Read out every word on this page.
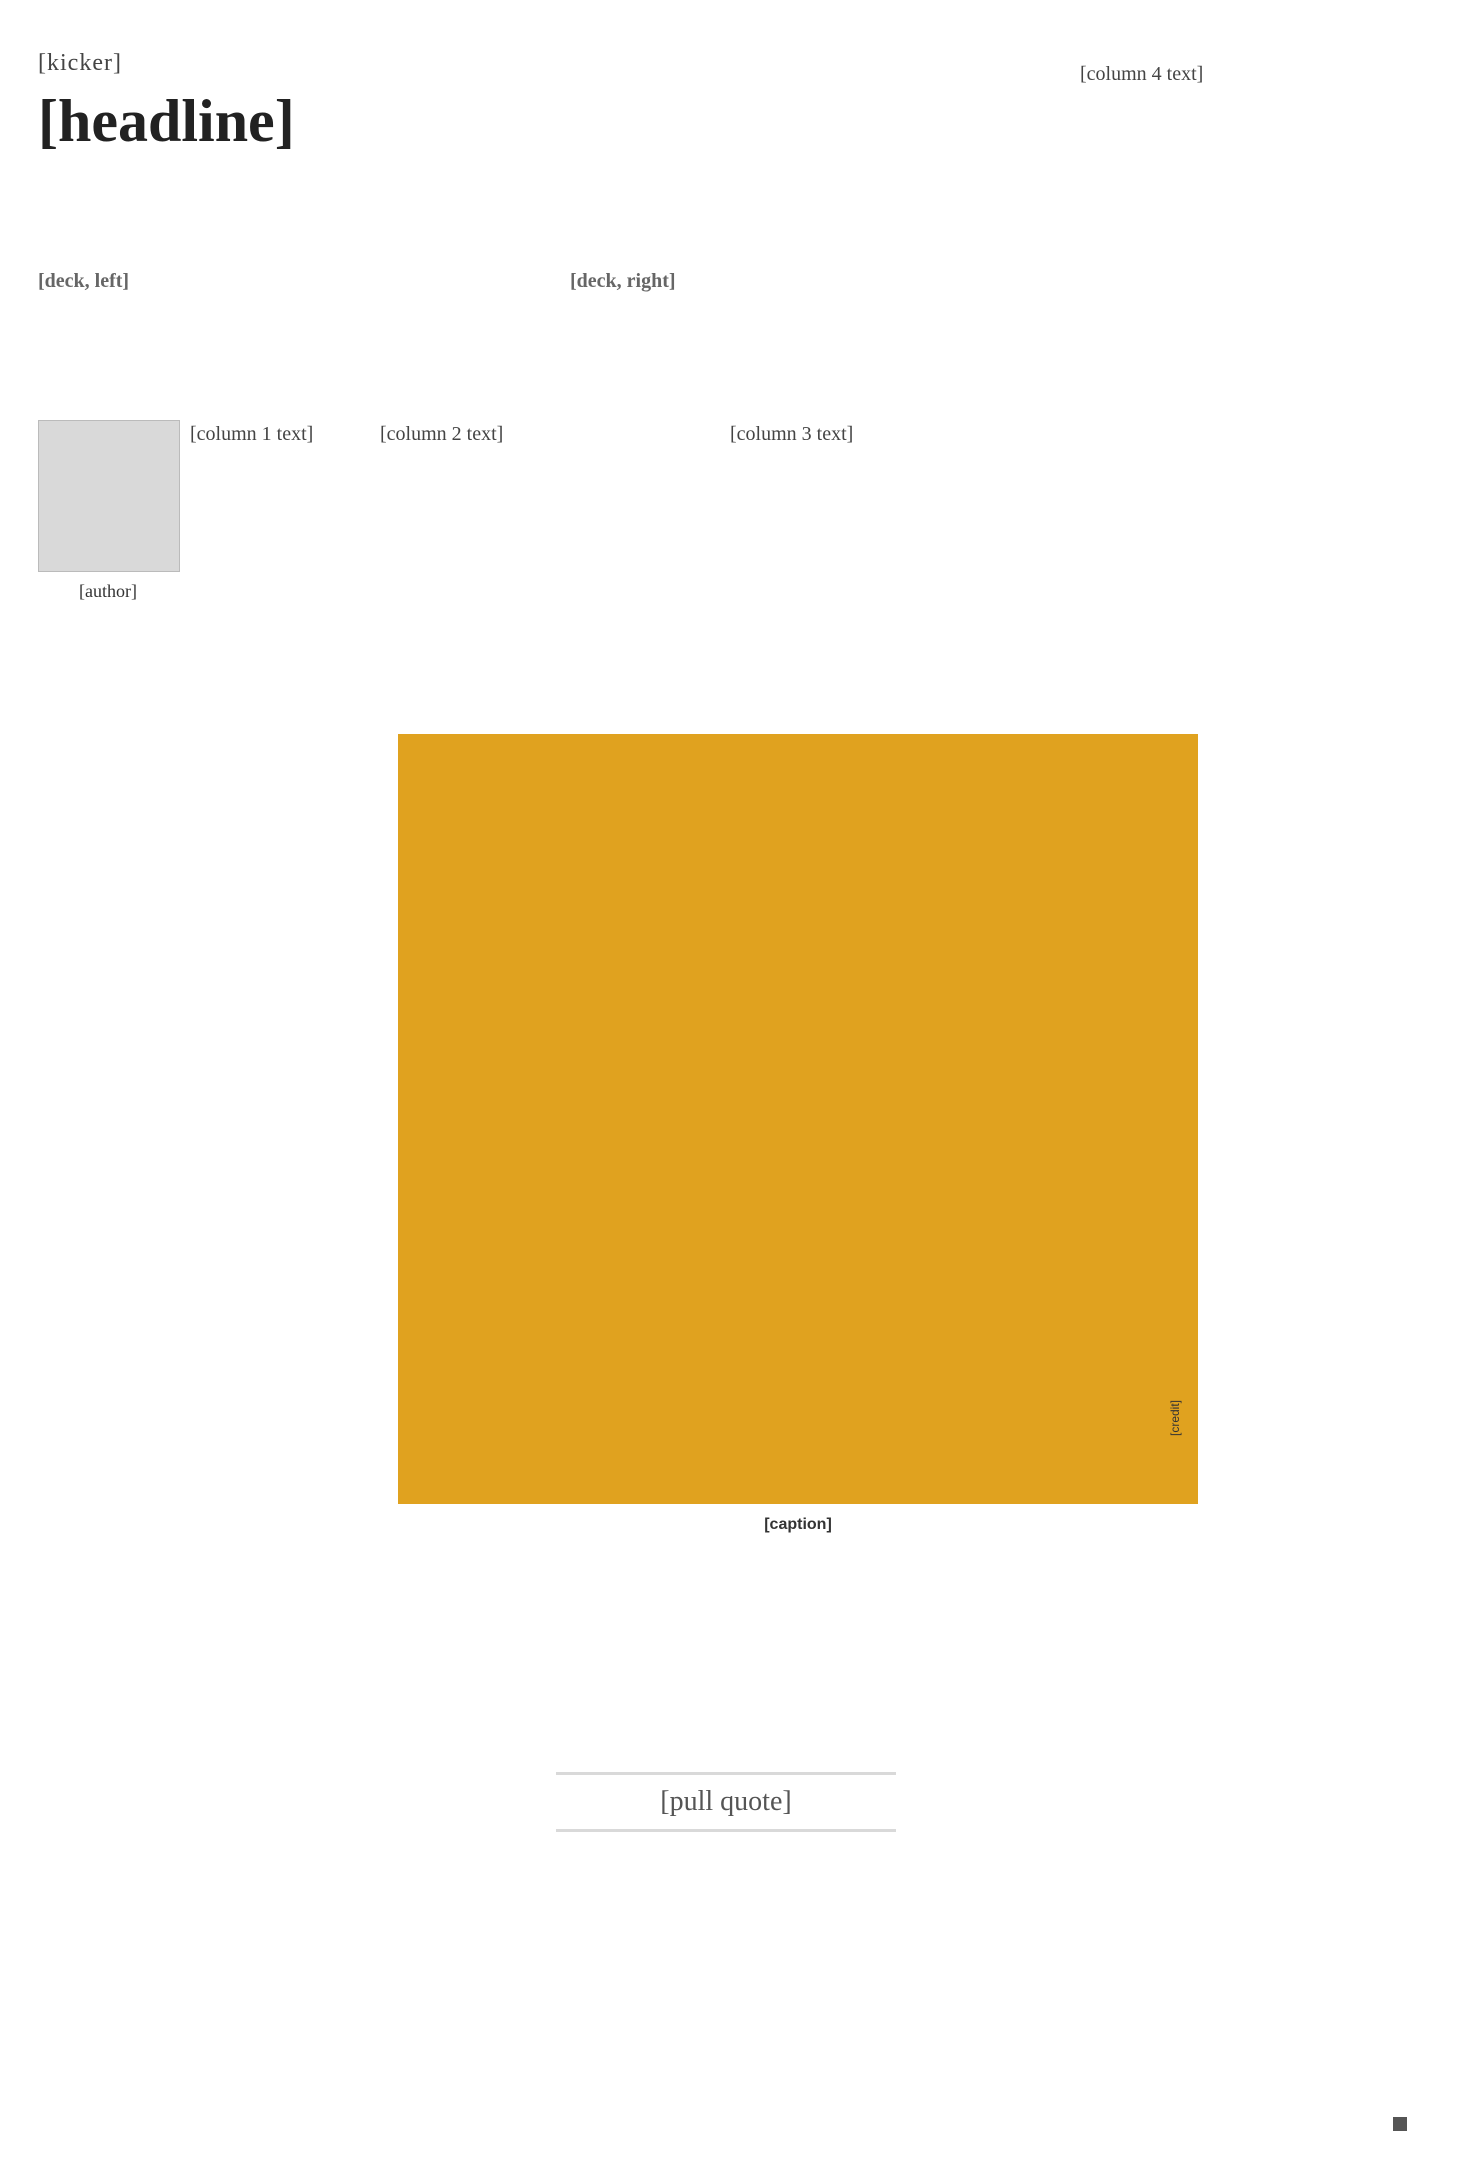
[kicker]
[headline]
[deck, left]	[deck, right]
[author]
[column 1 text]	[column 2 text]	[column 3 text]
[column 4 text]
[credit]
[caption]
[pull quote]
